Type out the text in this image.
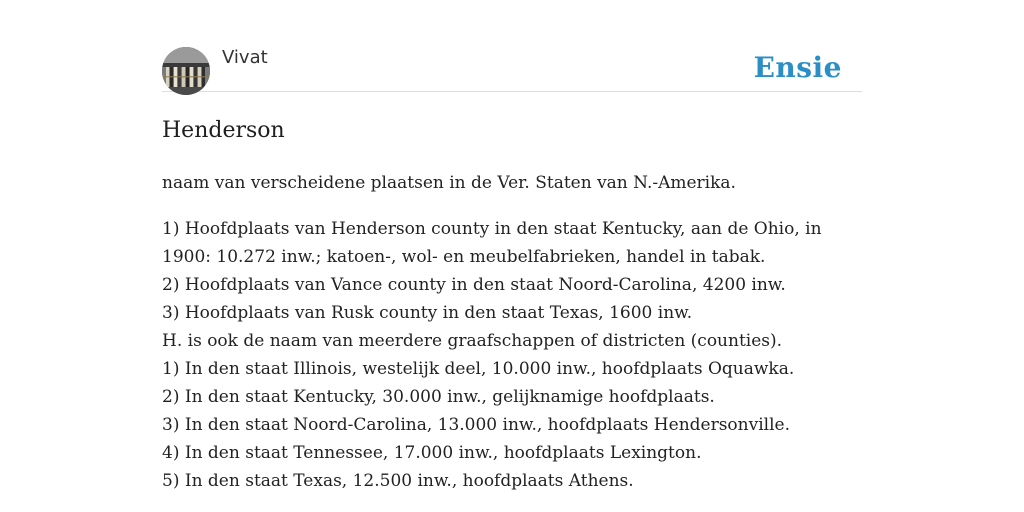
Vivat	Ensie
Henderson

naam van verscheidene plaatsen in de Ver. Staten van N.-Amerika.

1) Hoofdplaats van Henderson county in den staat Kentucky, aan de Ohio, in 1900: 10.272 inw.; katoen-, wol- en meubelfabrieken, handel in tabak.
2) Hoofdplaats van Vance county in den staat Noord-Carolina, 4200 inw.
3) Hoofdplaats van Rusk county in den staat Texas, 1600 inw.
H. is ook de naam van meerdere graafschappen of districten (counties).
1) In den staat Illinois, westelijk deel, 10.000 inw., hoofdplaats Oquawka.
2) In den staat Kentucky, 30.000 inw., gelijknamige hoofdplaats.
3) In den staat Noord-Carolina, 13.000 inw., hoofdplaats Hendersonville.
4) In den staat Tennessee, 17.000 inw., hoofdplaats Lexington.
5) In den staat Texas, 12.500 inw., hoofdplaats Athens.
